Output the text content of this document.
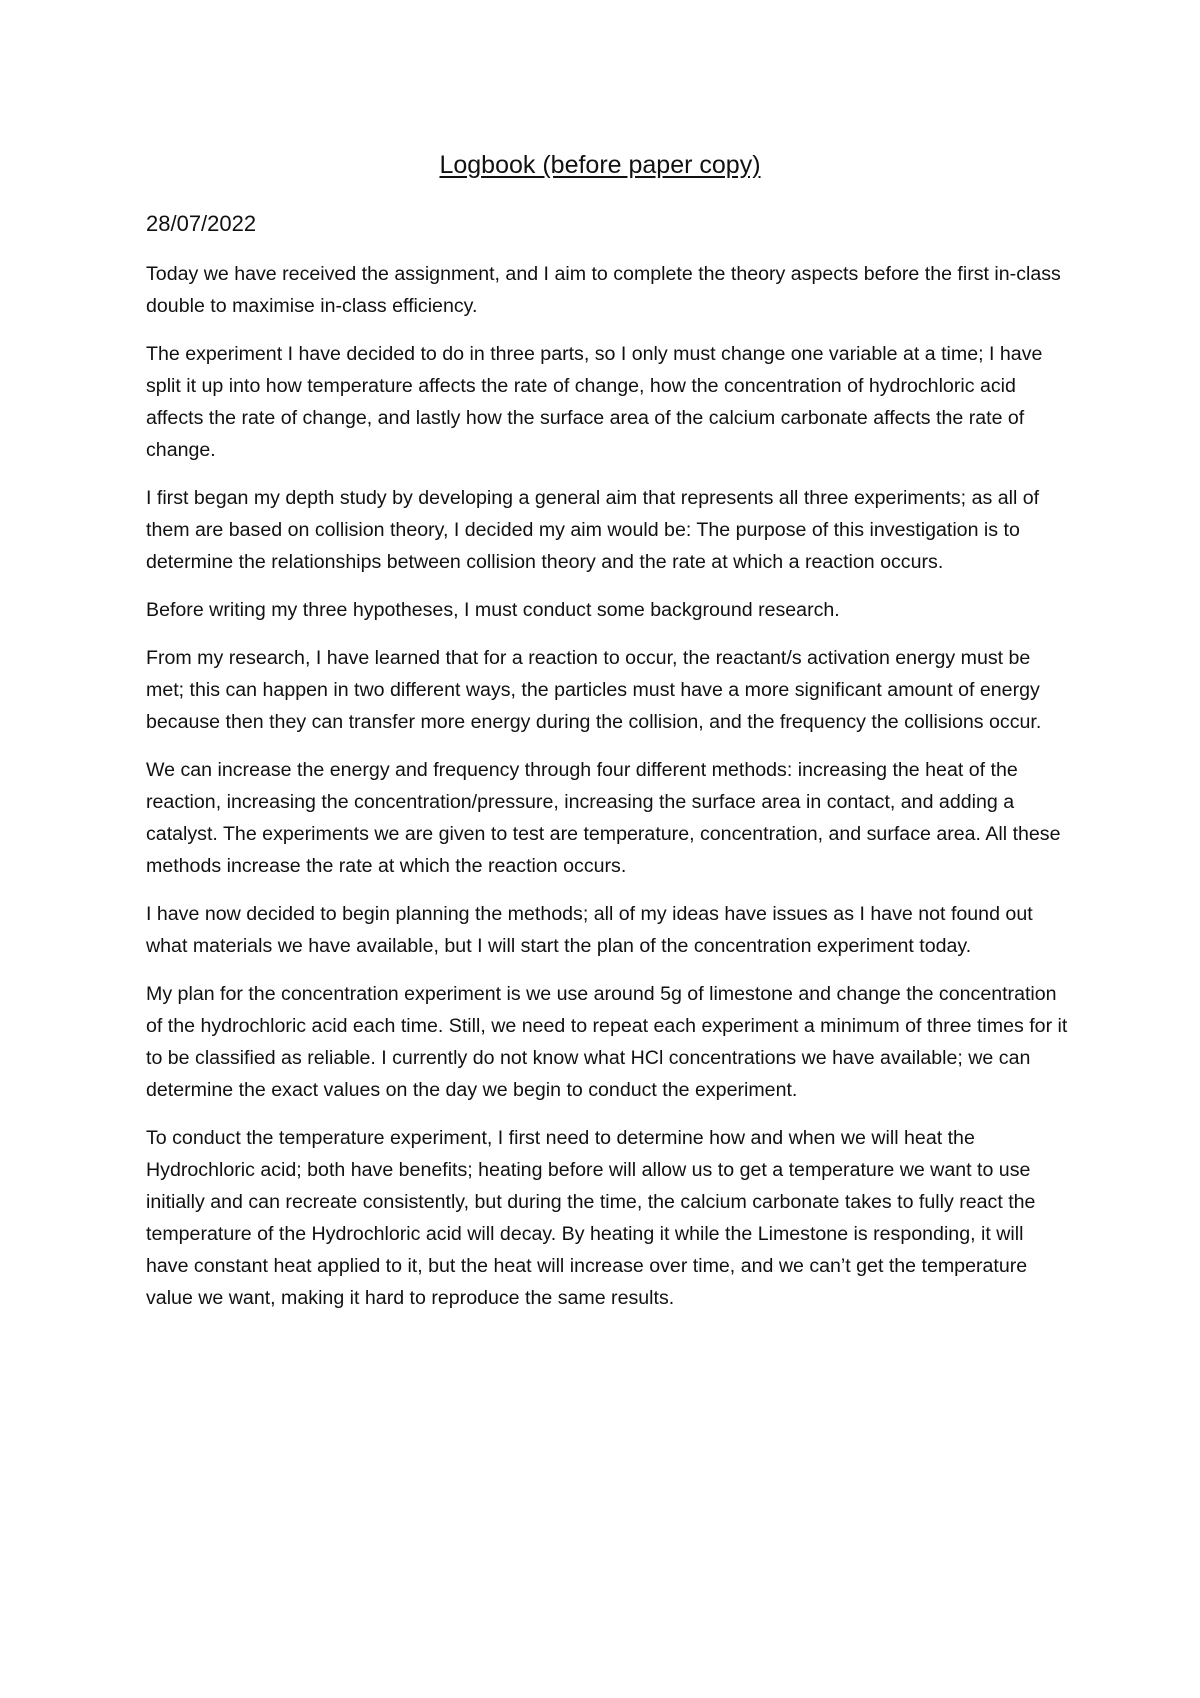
Logbook (before paper copy)
28/07/2022

Today we have received the assignment, and I aim to complete the theory aspects before the first in-class double to maximise in-class efficiency.

The experiment I have decided to do in three parts, so I only must change one variable at a time; I have split it up into how temperature affects the rate of change, how the concentration of hydrochloric acid affects the rate of change, and lastly how the surface area of the calcium carbonate affects the rate of change.

I first began my depth study by developing a general aim that represents all three experiments; as all of them are based on collision theory, I decided my aim would be: The purpose of this investigation is to determine the relationships between collision theory and the rate at which a reaction occurs.

Before writing my three hypotheses, I must conduct some background research.

From my research, I have learned that for a reaction to occur, the reactant/s activation energy must be met; this can happen in two different ways, the particles must have a more significant amount of energy because then they can transfer more energy during the collision, and the frequency the collisions occur.

We can increase the energy and frequency through four different methods: increasing the heat of the reaction, increasing the concentration/pressure, increasing the surface area in contact, and adding a catalyst. The experiments we are given to test are temperature, concentration, and surface area. All these methods increase the rate at which the reaction occurs.

I have now decided to begin planning the methods; all of my ideas have issues as I have not found out what materials we have available, but I will start the plan of the concentration experiment today.

My plan for the concentration experiment is we use around 5g of limestone and change the concentration of the hydrochloric acid each time. Still, we need to repeat each experiment a minimum of three times for it to be classified as reliable. I currently do not know what HCl concentrations we have available; we can determine the exact values on the day we begin to conduct the experiment.

To conduct the temperature experiment, I first need to determine how and when we will heat the Hydrochloric acid; both have benefits; heating before will allow us to get a temperature we want to use initially and can recreate consistently, but during the time, the calcium carbonate takes to fully react the temperature of the Hydrochloric acid will decay. By heating it while the Limestone is responding, it will have constant heat applied to it, but the heat will increase over time, and we can’t get the temperature value we want, making it hard to reproduce the same results.
